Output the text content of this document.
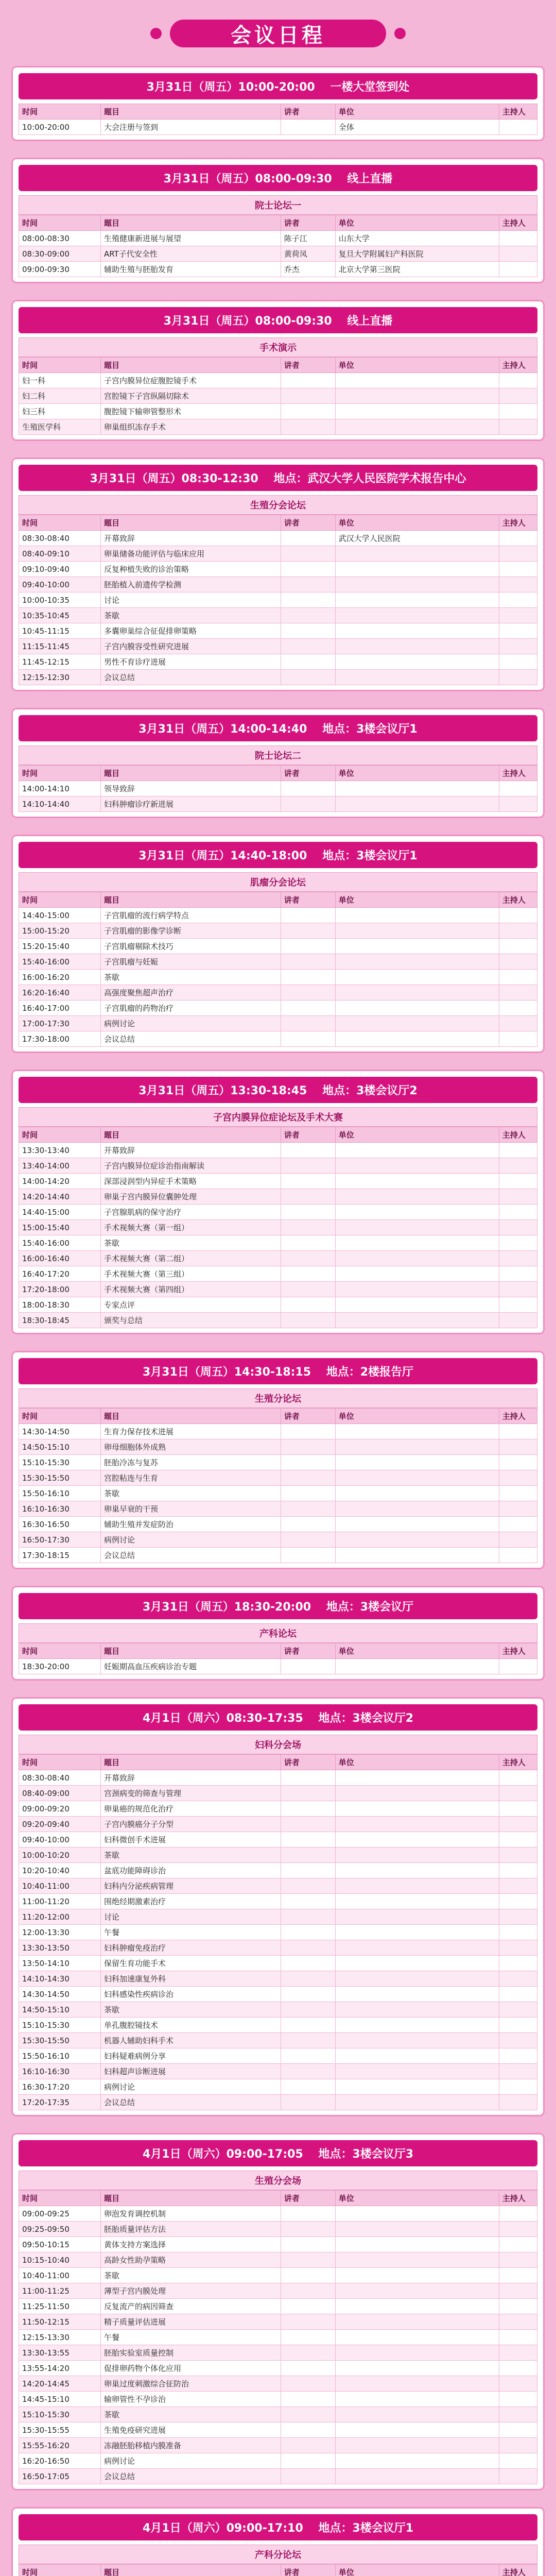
会议日程
3月31日（周五）10:00-20:00 　一楼大堂签到处
时间	题目	讲者	单位	主持人
10:00-20:00	大会注册与签到		全体	
3月31日（周五）08:00-09:30 　线上直播
院士论坛一
时间	题目	讲者	单位	主持人
08:00-08:30	生殖健康新进展与展望	陈子江	山东大学	
08:30-09:00	ART子代安全性	黄荷凤	复旦大学附属妇产科医院	
09:00-09:30	辅助生殖与胚胎发育	乔杰	北京大学第三医院	
3月31日（周五）08:00-09:30 　线上直播
手术演示
时间	题目	讲者	单位	主持人
妇一科	子宫内膜异位症腹腔镜手术			
妇二科	宫腔镜下子宫纵隔切除术			
妇三科	腹腔镜下输卵管整形术			
生殖医学科	卵巢组织冻存手术			
3月31日（周五）08:30-12:30 　地点：武汉大学人民医院学术报告中心
生殖分会论坛
时间	题目	讲者	单位	主持人
08:30-08:40	开幕致辞		武汉大学人民医院	
08:40-09:10	卵巢储备功能评估与临床应用			
09:10-09:40	反复种植失败的诊治策略			
09:40-10:00	胚胎植入前遗传学检测			
10:00-10:35	讨论			
10:35-10:45	茶歇			
10:45-11:15	多囊卵巢综合征促排卵策略			
11:15-11:45	子宫内膜容受性研究进展			
11:45-12:15	男性不育诊疗进展			
12:15-12:30	会议总结			
3月31日（周五）14:00-14:40 　地点：3楼会议厅1
院士论坛二
时间	题目	讲者	单位	主持人
14:00-14:10	领导致辞			
14:10-14:40	妇科肿瘤诊疗新进展			
3月31日（周五）14:40-18:00 　地点：3楼会议厅1
肌瘤分会论坛
时间	题目	讲者	单位	主持人
14:40-15:00	子宫肌瘤的流行病学特点			
15:00-15:20	子宫肌瘤的影像学诊断			
15:20-15:40	子宫肌瘤剔除术技巧			
15:40-16:00	子宫肌瘤与妊娠			
16:00-16:20	茶歇			
16:20-16:40	高强度聚焦超声治疗			
16:40-17:00	子宫肌瘤的药物治疗			
17:00-17:30	病例讨论			
17:30-18:00	会议总结			
3月31日（周五）13:30-18:45 　地点：3楼会议厅2
子宫内膜异位症论坛及手术大赛
时间	题目	讲者	单位	主持人
13:30-13:40	开幕致辞			
13:40-14:00	子宫内膜异位症诊治指南解读			
14:00-14:20	深部浸润型内异症手术策略			
14:20-14:40	卵巢子宫内膜异位囊肿处理			
14:40-15:00	子宫腺肌病的保守治疗			
15:00-15:40	手术视频大赛（第一组）			
15:40-16:00	茶歇			
16:00-16:40	手术视频大赛（第二组）			
16:40-17:20	手术视频大赛（第三组）			
17:20-18:00	手术视频大赛（第四组）			
18:00-18:30	专家点评			
18:30-18:45	颁奖与总结			
3月31日（周五）14:30-18:15 　地点：2楼报告厅
生殖分论坛
时间	题目	讲者	单位	主持人
14:30-14:50	生育力保存技术进展			
14:50-15:10	卵母细胞体外成熟			
15:10-15:30	胚胎冷冻与复苏			
15:30-15:50	宫腔粘连与生育			
15:50-16:10	茶歇			
16:10-16:30	卵巢早衰的干预			
16:30-16:50	辅助生殖并发症防治			
16:50-17:30	病例讨论			
17:30-18:15	会议总结			
3月31日（周五）18:30-20:00 　地点：3楼会议厅
产科论坛
时间	题目	讲者	单位	主持人
18:30-20:00	妊娠期高血压疾病诊治专题			
4月1日（周六）08:30-17:35 　地点：3楼会议厅2
妇科分会场
时间	题目	讲者	单位	主持人
08:30-08:40	开幕致辞			
08:40-09:00	宫颈病变的筛查与管理			
09:00-09:20	卵巢癌的规范化治疗			
09:20-09:40	子宫内膜癌分子分型			
09:40-10:00	妇科微创手术进展			
10:00-10:20	茶歇			
10:20-10:40	盆底功能障碍诊治			
10:40-11:00	妇科内分泌疾病管理			
11:00-11:20	围绝经期激素治疗			
11:20-12:00	讨论			
12:00-13:30	午餐			
13:30-13:50	妇科肿瘤免疫治疗			
13:50-14:10	保留生育功能手术			
14:10-14:30	妇科加速康复外科			
14:30-14:50	妇科感染性疾病诊治			
14:50-15:10	茶歇			
15:10-15:30	单孔腹腔镜技术			
15:30-15:50	机器人辅助妇科手术			
15:50-16:10	妇科疑难病例分享			
16:10-16:30	妇科超声诊断进展			
16:30-17:20	病例讨论			
17:20-17:35	会议总结			
4月1日（周六）09:00-17:05 　地点：3楼会议厅3
生殖分会场
时间	题目	讲者	单位	主持人
09:00-09:25	卵泡发育调控机制			
09:25-09:50	胚胎质量评估方法			
09:50-10:15	黄体支持方案选择			
10:15-10:40	高龄女性助孕策略			
10:40-11:00	茶歇			
11:00-11:25	薄型子宫内膜处理			
11:25-11:50	反复流产的病因筛查			
11:50-12:15	精子质量评估进展			
12:15-13:30	午餐			
13:30-13:55	胚胎实验室质量控制			
13:55-14:20	促排卵药物个体化应用			
14:20-14:45	卵巢过度刺激综合征防治			
14:45-15:10	输卵管性不孕诊治			
15:10-15:30	茶歇			
15:30-15:55	生殖免疫研究进展			
15:55-16:20	冻融胚胎移植内膜准备			
16:20-16:50	病例讨论			
16:50-17:05	会议总结			
4月1日（周六）09:00-17:10 　地点：3楼会议厅1
产科分论坛
时间	题目	讲者	单位	主持人
